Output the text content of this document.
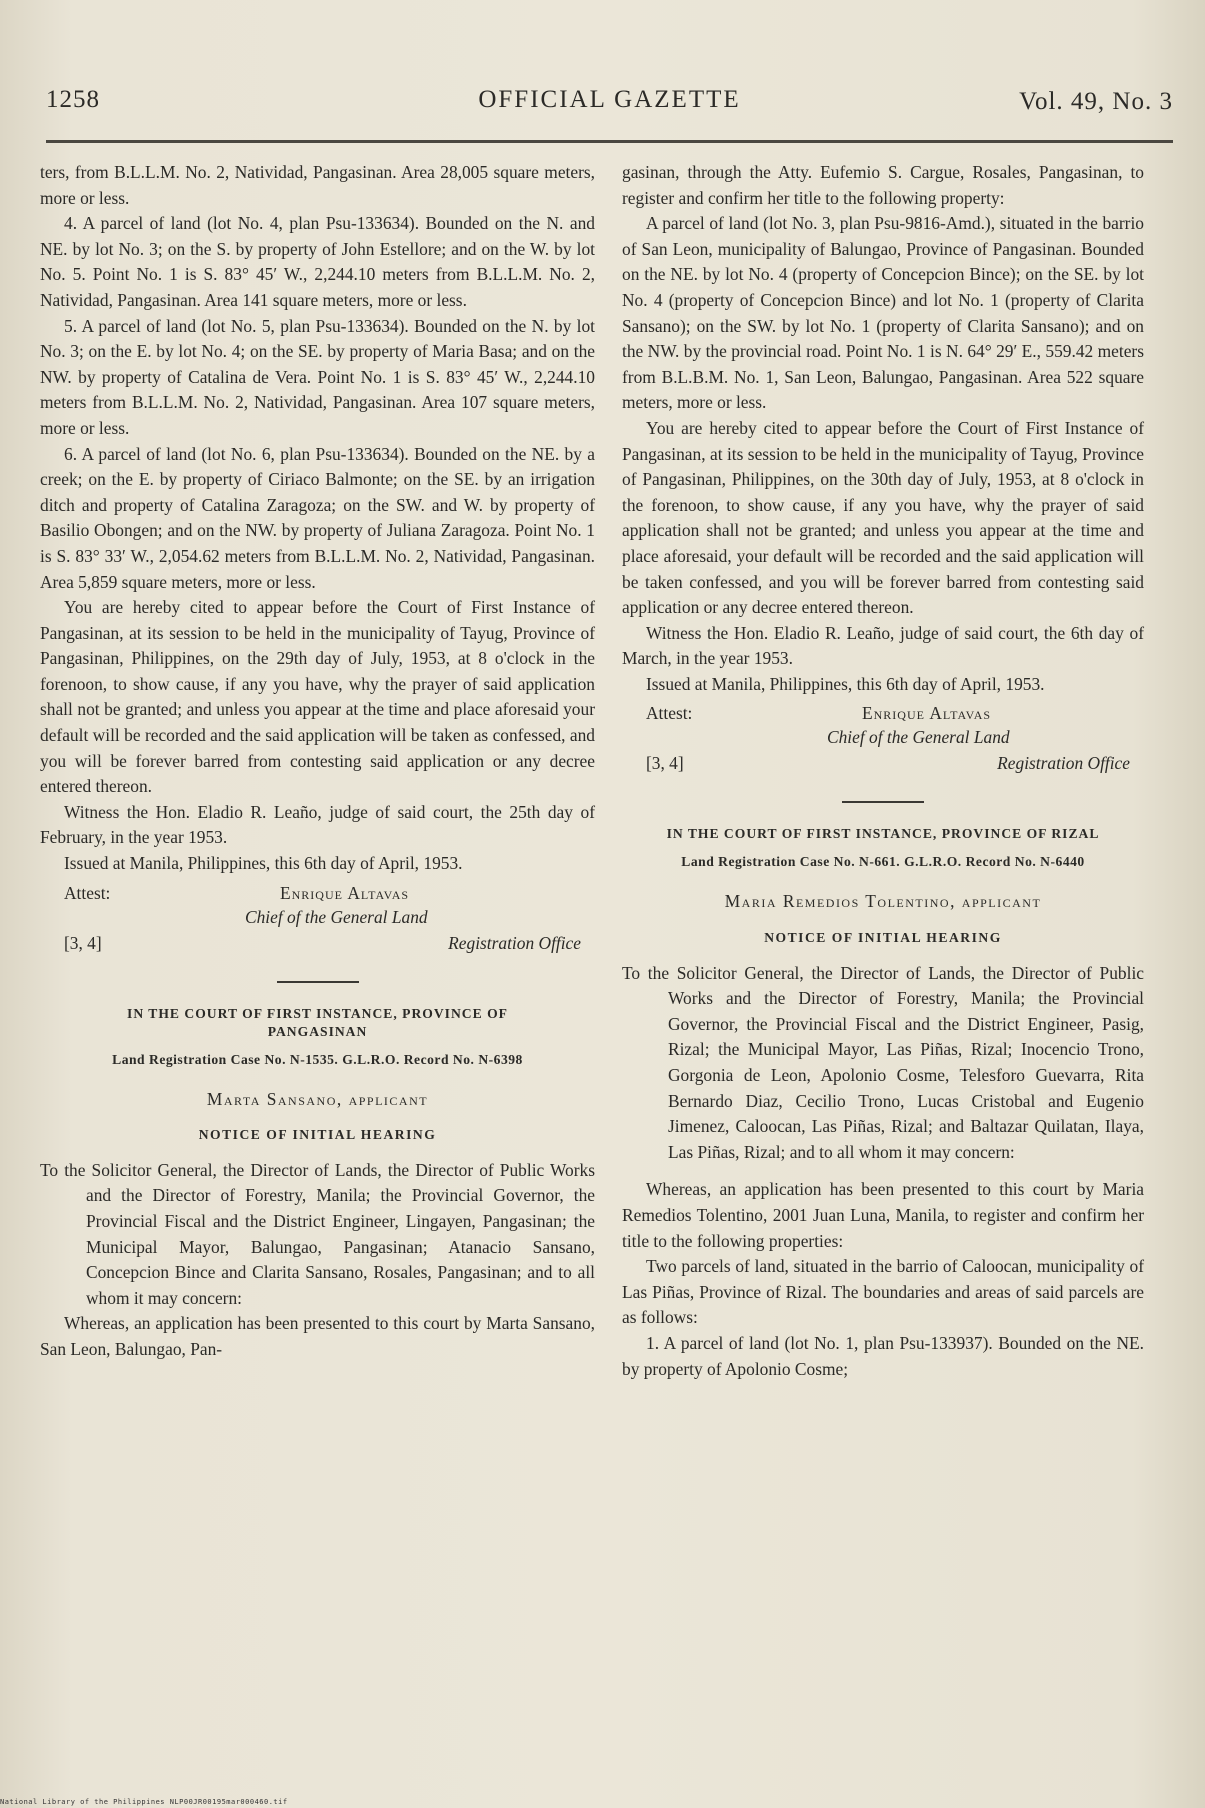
1258	OFFICIAL GAZETTE	Vol. 49, No. 3

ters, from B.L.L.M. No. 2, Natividad, Pangasinan. Area 28,005 square meters, more or less.

4. A parcel of land (lot No. 4, plan Psu-133634). Bounded on the N. and NE. by lot No. 3; on the S. by property of John Estellore; and on the W. by lot No. 5. Point No. 1 is S. 83° 45′ W., 2,244.10 meters from B.L.L.M. No. 2, Natividad, Pangasinan. Area 141 square meters, more or less.

5. A parcel of land (lot No. 5, plan Psu-133634). Bounded on the N. by lot No. 3; on the E. by lot No. 4; on the SE. by property of Maria Basa; and on the NW. by property of Catalina de Vera. Point No. 1 is S. 83° 45′ W., 2,244.10 meters from B.L.L.M. No. 2, Natividad, Pangasinan. Area 107 square meters, more or less.

6. A parcel of land (lot No. 6, plan Psu-133634). Bounded on the NE. by a creek; on the E. by property of Ciriaco Balmonte; on the SE. by an irrigation ditch and property of Catalina Zaragoza; on the SW. and W. by property of Basilio Obongen; and on the NW. by property of Juliana Zaragoza. Point No. 1 is S. 83° 33′ W., 2,054.62 meters from B.L.L.M. No. 2, Natividad, Pangasinan. Area 5,859 square meters, more or less.

You are hereby cited to appear before the Court of First Instance of Pangasinan, at its session to be held in the municipality of Tayug, Province of Pangasinan, Philippines, on the 29th day of July, 1953, at 8 o'clock in the forenoon, to show cause, if any you have, why the prayer of said application shall not be granted; and unless you appear at the time and place aforesaid your default will be recorded and the said application will be taken as confessed, and you will be forever barred from contesting said application or any decree entered thereon.

Witness the Hon. Eladio R. Leaño, judge of said court, the 25th day of February, in the year 1953.

Issued at Manila, Philippines, this 6th day of April, 1953.

Attest:	Enrique Altavas
Chief of the General Land
[3, 4]	Registration Office
IN THE COURT OF FIRST INSTANCE, PROVINCE OF PANGASINAN
Land Registration Case No. N-1535. G.L.R.O. Record No. N-6398
Marta Sansano, applicant
NOTICE OF INITIAL HEARING

To the Solicitor General, the Director of Lands, the Director of Public Works and the Director of Forestry, Manila; the Provincial Governor, the Provincial Fiscal and the District Engineer, Lingayen, Pangasinan; the Municipal Mayor, Balungao, Pangasinan; Atanacio Sansano, Concepcion Bince and Clarita Sansano, Rosales, Pangasinan; and to all whom it may concern:

Whereas, an application has been presented to this court by Marta Sansano, San Leon, Balungao, Pan-

gasinan, through the Atty. Eufemio S. Cargue, Rosales, Pangasinan, to register and confirm her title to the following property:

A parcel of land (lot No. 3, plan Psu-9816-Amd.), situated in the barrio of San Leon, municipality of Balungao, Province of Pangasinan. Bounded on the NE. by lot No. 4 (property of Concepcion Bince); on the SE. by lot No. 4 (property of Concepcion Bince) and lot No. 1 (property of Clarita Sansano); on the SW. by lot No. 1 (property of Clarita Sansano); and on the NW. by the provincial road. Point No. 1 is N. 64° 29′ E., 559.42 meters from B.L.B.M. No. 1, San Leon, Balungao, Pangasinan. Area 522 square meters, more or less.

You are hereby cited to appear before the Court of First Instance of Pangasinan, at its session to be held in the municipality of Tayug, Province of Pangasinan, Philippines, on the 30th day of July, 1953, at 8 o'clock in the forenoon, to show cause, if any you have, why the prayer of said application shall not be granted; and unless you appear at the time and place aforesaid, your default will be recorded and the said application will be taken confessed, and you will be forever barred from contesting said application or any decree entered thereon.

Witness the Hon. Eladio R. Leaño, judge of said court, the 6th day of March, in the year 1953.

Issued at Manila, Philippines, this 6th day of April, 1953.

Attest:	Enrique Altavas
Chief of the General Land
[3, 4]	Registration Office
IN THE COURT OF FIRST INSTANCE, PROVINCE OF RIZAL
Land Registration Case No. N-661. G.L.R.O. Record No. N-6440
Maria Remedios Tolentino, applicant
NOTICE OF INITIAL HEARING

To the Solicitor General, the Director of Lands, the Director of Public Works and the Director of Forestry, Manila; the Provincial Governor, the Provincial Fiscal and the District Engineer, Pasig, Rizal; the Municipal Mayor, Las Piñas, Rizal; Inocencio Trono, Gorgonia de Leon, Apolonio Cosme, Telesforo Guevarra, Rita Bernardo Diaz, Cecilio Trono, Lucas Cristobal and Eugenio Jimenez, Caloocan, Las Piñas, Rizal; and Baltazar Quilatan, Ilaya, Las Piñas, Rizal; and to all whom it may concern:

Whereas, an application has been presented to this court by Maria Remedios Tolentino, 2001 Juan Luna, Manila, to register and confirm her title to the following properties:

Two parcels of land, situated in the barrio of Caloocan, municipality of Las Piñas, Province of Rizal. The boundaries and areas of said parcels are as follows:

1. A parcel of land (lot No. 1, plan Psu-133937). Bounded on the NE. by property of Apolonio Cosme;

National Library of the Philippines NLP00JR00195mar000460.tif
